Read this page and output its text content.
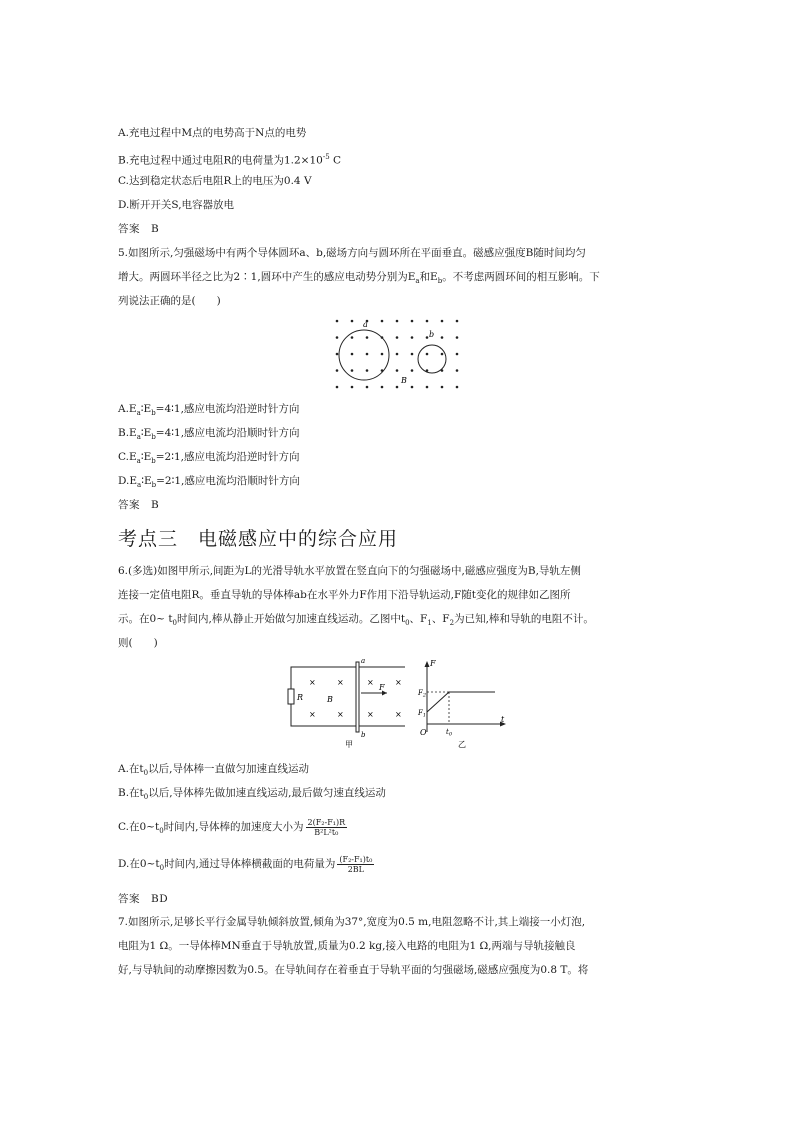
A.充电过程中M点的电势高于N点的电势
B.充电过程中通过电阻R的电荷量为$1.2\times 10^{-5}$ C
C.达到稳定状态后电阻R上的电压为0.4 V
D.断开开关S,电容器放电
答案　B
5.如图所示,匀强磁场中有两个导体圆环a、b,磁场方向与圆环所在平面垂直。磁感应强度B随时间均匀
增大。两圆环半径之比为2∶1,圆环中产生的感应电动势分别为$E_a$和$E_b$。不考虑两圆环间的相互影响。下
列说法正确的是(　　)
a
b
B
$A.E_a∶E_b=4∶1$,感应电流均沿逆时针方向
$B.E_a∶E_b=4∶1$,感应电流均沿顺时针方向
$C.E_a∶E_b=2∶1$,感应电流均沿逆时针方向
$D.E_a∶E_b=2∶1$,感应电流均沿顺时针方向
答案　B
考点三　电磁感应中的综合应用
6.(多选)如图甲所示,间距为L的光滑导轨水平放置在竖直向下的匀强磁场中,磁感应强度为B,导轨左侧
连接一定值电阻R。垂直导轨的导体棒ab在水平外力F作用下沿导轨运动,F随t变化的规律如乙图所
示。在0~ $t_0$时间内,棒从静止开始做匀加速直线运动。乙图中$t_0$、$F_1$、$F_2$为已知,棒和导轨的电阻不计。
则(　　)
R	B
F
a
b
甲
×	×	×	×
×	×	×	×
F
$F_2$
$F_1$
O
t
$t_0$
乙
A.在$t_0$以后,导体棒一直做匀加速直线运动
B.在$t_0$以后,导体棒先做加速直线运动,最后做匀速直线运动
C.在$0\sim t_0$时间内,导体棒的加速度大小为 $\frac{\text{2(F₂-F₁)R}}{\text{B²L²t₀}}$
D.在$0\sim t_0$时间内,通过导体棒横截面的电荷量为 $\frac{\text{(F₂-F₁)t₀}}{2BL}$
答案　BD
7.如图所示,足够长平行金属导轨倾斜放置,倾角为37°,宽度为0.5 m,电阻忽略不计,其上端接一小灯泡,
电阻为1 Ω。一导体棒MN垂直于导轨放置,质量为0.2 kg,接入电路的电阻为1 Ω,两端与导轨接触良
好,与导轨间的动摩擦因数为0.5。在导轨间存在着垂直于导轨平面的匀强磁场,磁感应强度为0.8 T。将
